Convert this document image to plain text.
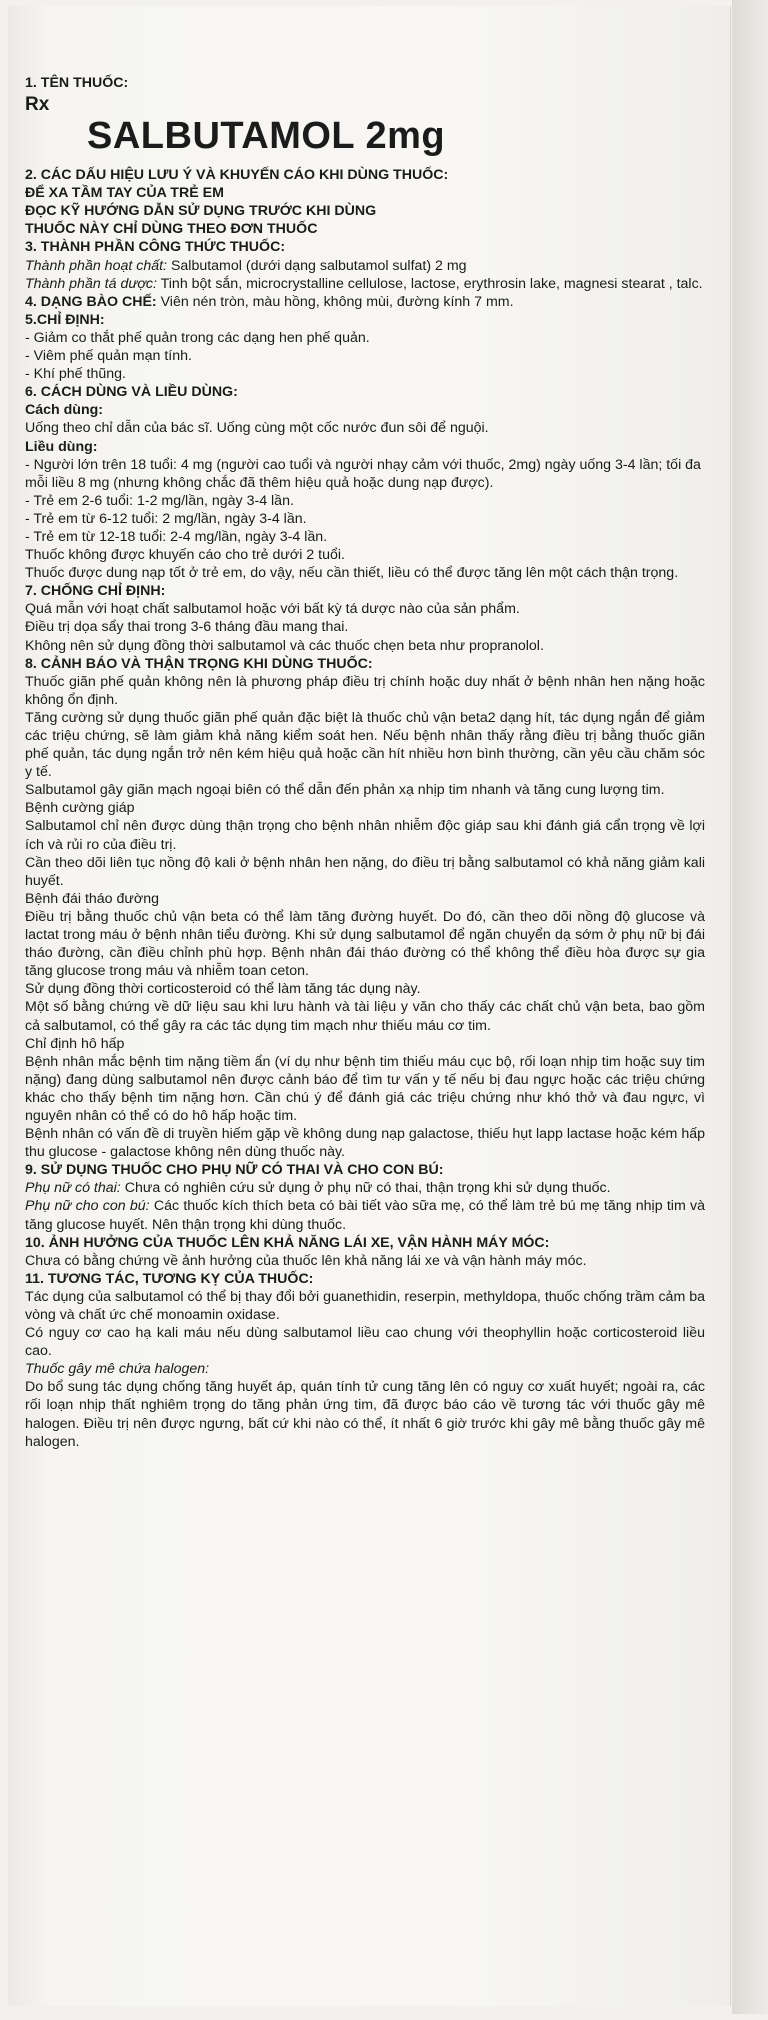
1. TÊN THUỐC:

Rx

SALBUTAMOL 2mg

2. CÁC DẤU HIỆU LƯU Ý VÀ KHUYẾN CÁO KHI DÙNG THUỐC:

ĐỂ XA TẦM TAY CỦA TRẺ EM

ĐỌC KỸ HƯỚNG DẪN SỬ DỤNG TRƯỚC KHI DÙNG

THUỐC NÀY CHỈ DÙNG THEO ĐƠN THUỐC

3. THÀNH PHẦN CÔNG THỨC THUỐC:

Thành phần hoạt chất: Salbutamol (dưới dạng salbutamol sulfat) 2 mg

Thành phần tá dược: Tinh bột sắn, microcrystalline cellulose, lactose, erythrosin lake, magnesi stearat , talc.

4. DẠNG BÀO CHẾ: Viên nén tròn, màu hồng, không mùi, đường kính 7 mm.

5.CHỈ ĐỊNH:

- Giảm co thắt phế quản trong các dạng hen phế quản.

- Viêm phế quản mạn tính.

- Khí phế thũng.

6. CÁCH DÙNG VÀ LIỀU DÙNG:

Cách dùng:

Uống theo chỉ dẫn của bác sĩ. Uống cùng một cốc nước đun sôi để nguội.

Liều dùng:

- Người lớn trên 18 tuổi: 4 mg (người cao tuổi và người nhạy cảm với thuốc, 2mg) ngày uống 3-4 lần; tối đa mỗi liều 8 mg (nhưng không chắc đã thêm hiệu quả hoặc dung nạp được).

- Trẻ em 2-6 tuổi: 1-2 mg/lần, ngày 3-4 lần.

- Trẻ em từ 6-12 tuổi: 2 mg/lần, ngày 3-4 lần.

- Trẻ em từ 12-18 tuổi: 2-4 mg/lần, ngày 3-4 lần.

Thuốc không được khuyến cáo cho trẻ dưới 2 tuổi.

Thuốc được dung nạp tốt ở trẻ em, do vậy, nếu cần thiết, liều có thể được tăng lên một cách thận trọng.

7. CHỐNG CHỈ ĐỊNH:

Quá mẫn với hoạt chất salbutamol hoặc với bất kỳ tá dược nào của sản phẩm.

Điều trị dọa sẩy thai trong 3-6 tháng đầu mang thai.

Không nên sử dụng đồng thời salbutamol và các thuốc chẹn beta như propranolol.

8. CẢNH BÁO VÀ THẬN TRỌNG KHI DÙNG THUỐC:

Thuốc giãn phế quản không nên là phương pháp điều trị chính hoặc duy nhất ở bệnh nhân hen nặng hoặc không ổn định.

Tăng cường sử dụng thuốc giãn phế quản đặc biệt là thuốc chủ vận beta2 dạng hít, tác dụng ngắn để giảm các triệu chứng, sẽ làm giảm khả năng kiểm soát hen. Nếu bệnh nhân thấy rằng điều trị bằng thuốc giãn phế quản, tác dụng ngắn trở nên kém hiệu quả hoặc cần hít nhiều hơn bình thường, cần yêu cầu chăm sóc y tế.

Salbutamol gây giãn mạch ngoại biên có thể dẫn đến phản xạ nhịp tim nhanh và tăng cung lượng tim.

Bệnh cường giáp

Salbutamol chỉ nên được dùng thận trọng cho bệnh nhân nhiễm độc giáp sau khi đánh giá cẩn trọng về lợi ích và rủi ro của điều trị.

Cần theo dõi liên tục nồng độ kali ở bệnh nhân hen nặng, do điều trị bằng salbutamol có khả năng giảm kali huyết.

Bệnh đái tháo đường

Điều trị bằng thuốc chủ vận beta có thể làm tăng đường huyết. Do đó, cần theo dõi nồng độ glucose và lactat trong máu ở bệnh nhân tiểu đường. Khi sử dụng salbutamol để ngăn chuyển dạ sớm ở phụ nữ bị đái tháo đường, cần điều chỉnh phù hợp. Bệnh nhân đái tháo đường có thể không thể điều hòa được sự gia tăng glucose trong máu và nhiễm toan ceton.

Sử dụng đồng thời corticosteroid có thể làm tăng tác dụng này.

Một số bằng chứng về dữ liệu sau khi lưu hành và tài liệu y văn cho thấy các chất chủ vận beta, bao gồm cả salbutamol, có thể gây ra các tác dụng tim mạch như thiếu máu cơ tim.

Chỉ định hô hấp

Bệnh nhân mắc bệnh tim nặng tiềm ẩn (ví dụ như bệnh tim thiếu máu cục bộ, rối loạn nhịp tim hoặc suy tim nặng) đang dùng salbutamol nên được cảnh báo để tìm tư vấn y tế nếu bị đau ngực hoặc các triệu chứng khác cho thấy bệnh tim nặng hơn. Cần chú ý để đánh giá các triệu chứng như khó thở và đau ngực, vì nguyên nhân có thể có do hô hấp hoặc tim.

Bệnh nhân có vấn đề di truyền hiếm gặp về không dung nạp galactose, thiếu hụt lapp lactase hoặc kém hấp thu glucose - galactose không nên dùng thuốc này.

9. SỬ DỤNG THUỐC CHO PHỤ NỮ CÓ THAI VÀ CHO CON BÚ:

Phụ nữ có thai: Chưa có nghiên cứu sử dụng ở phụ nữ có thai, thận trọng khi sử dụng thuốc.

Phụ nữ cho con bú: Các thuốc kích thích beta có bài tiết vào sữa mẹ, có thể làm trẻ bú mẹ tăng nhịp tim và tăng glucose huyết. Nên thận trọng khi dùng thuốc.

10. ẢNH HƯỞNG CỦA THUỐC LÊN KHẢ NĂNG LÁI XE, VẬN HÀNH MÁY MÓC:

Chưa có bằng chứng về ảnh hưởng của thuốc lên khả năng lái xe và vận hành máy móc.

11. TƯƠNG TÁC, TƯƠNG KỴ CỦA THUỐC:

Tác dụng của salbutamol có thể bị thay đổi bởi guanethidin, reserpin, methyldopa, thuốc chống trầm cảm ba vòng và chất ức chế monoamin oxidase.

Có nguy cơ cao hạ kali máu nếu dùng salbutamol liều cao chung với theophyllin hoặc corticosteroid liều cao.

Thuốc gây mê chứa halogen:

Do bổ sung tác dụng chống tăng huyết áp, quán tính tử cung tăng lên có nguy cơ xuất huyết; ngoài ra, các rối loạn nhịp thất nghiêm trọng do tăng phản ứng tim, đã được báo cáo về tương tác với thuốc gây mê halogen. Điều trị nên được ngưng, bất cứ khi nào có thể, ít nhất 6 giờ trước khi gây mê bằng thuốc gây mê halogen.
